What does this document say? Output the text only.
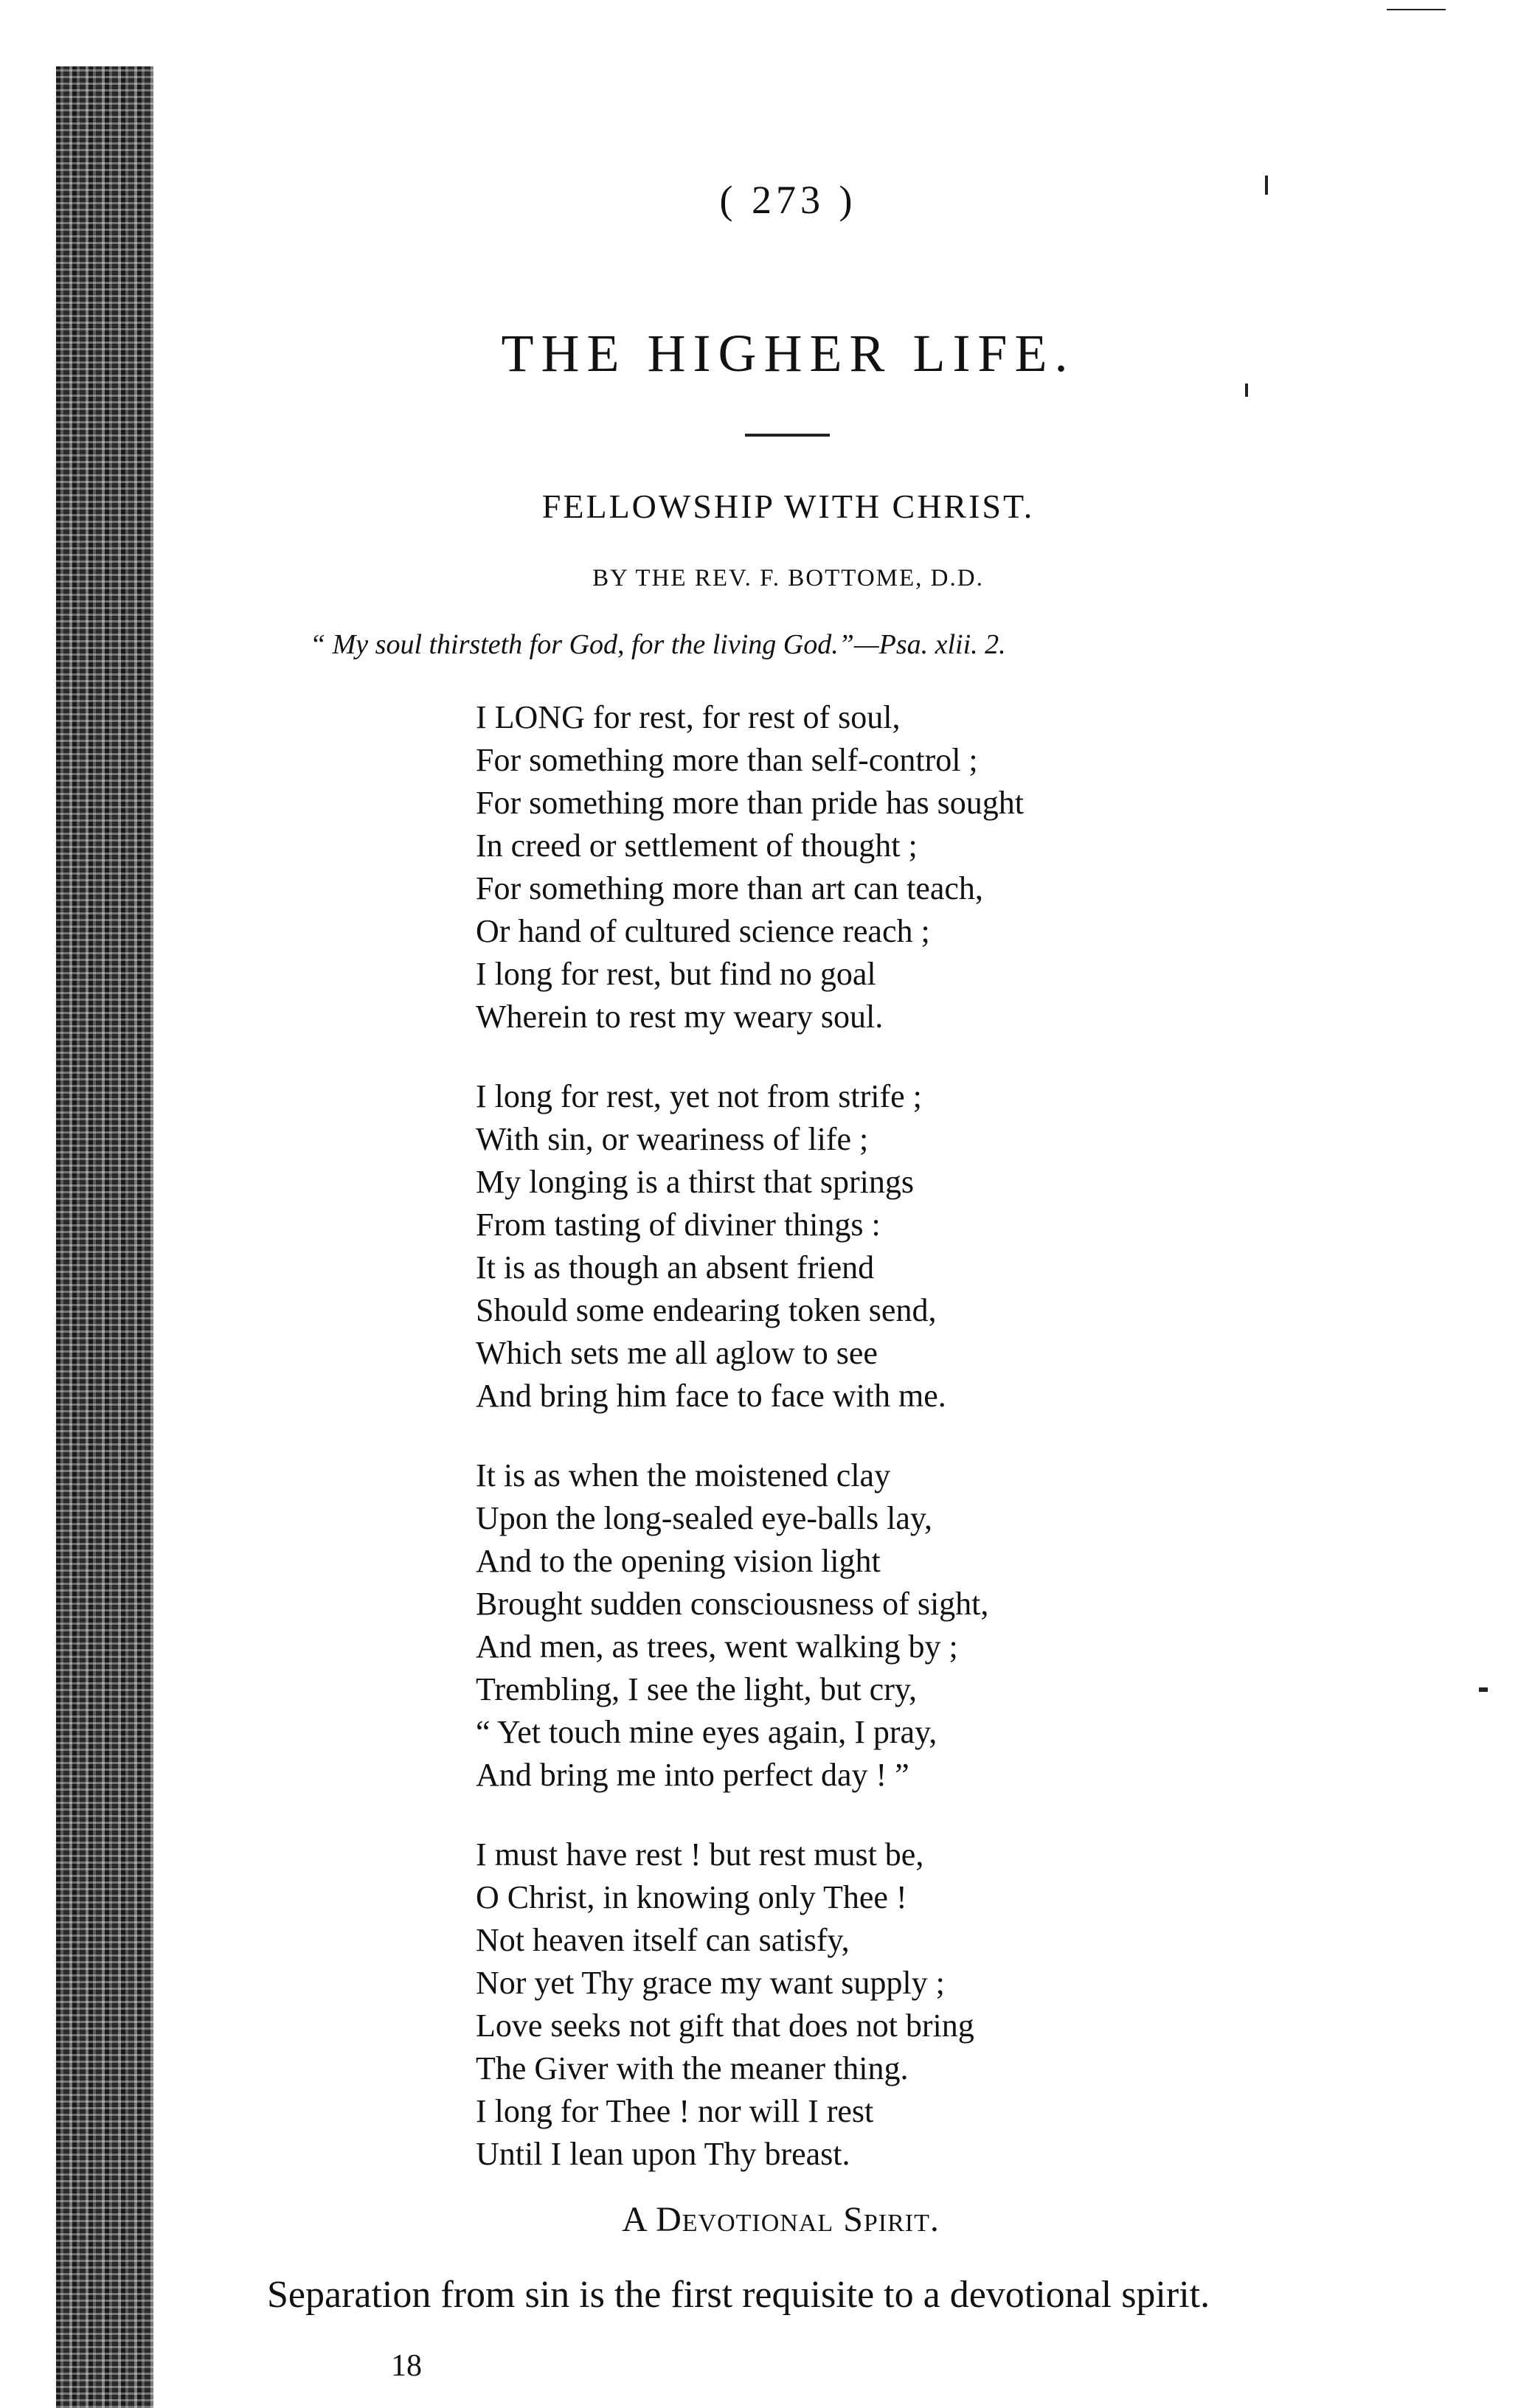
( 273 )
THE HIGHER LIFE.
FELLOWSHIP WITH CHRIST.
BY THE REV. F. BOTTOME, D.D.
“ My soul thirsteth for God, for the living God.”—Psa. xlii. 2.
I LONG for rest, for rest of soul,
For something more than self-control ;
For something more than pride has sought
In creed or settlement of thought ;
For something more than art can teach,
Or hand of cultured science reach ;
I long for rest, but find no goal
Wherein to rest my weary soul.
I long for rest, yet not from strife ;
With sin, or weariness of life ;
My longing is a thirst that springs
From tasting of diviner things :
It is as though an absent friend
Should some endearing token send,
Which sets me all aglow to see
And bring him face to face with me.
It is as when the moistened clay
Upon the long-sealed eye-balls lay,
And to the opening vision light
Brought sudden consciousness of sight,
And men, as trees, went walking by ;
Trembling, I see the light, but cry,
“ Yet touch mine eyes again, I pray,
And bring me into perfect day ! ”
I must have rest ! but rest must be,
O Christ, in knowing only Thee !
Not heaven itself can satisfy,
Nor yet Thy grace my want supply ;
Love seeks not gift that does not bring
The Giver with the meaner thing.
I long for Thee ! nor will I rest
Until I lean upon Thy breast.
A Devotional Spirit.
Separation from sin is the first requisite to a devotional spirit.
18
